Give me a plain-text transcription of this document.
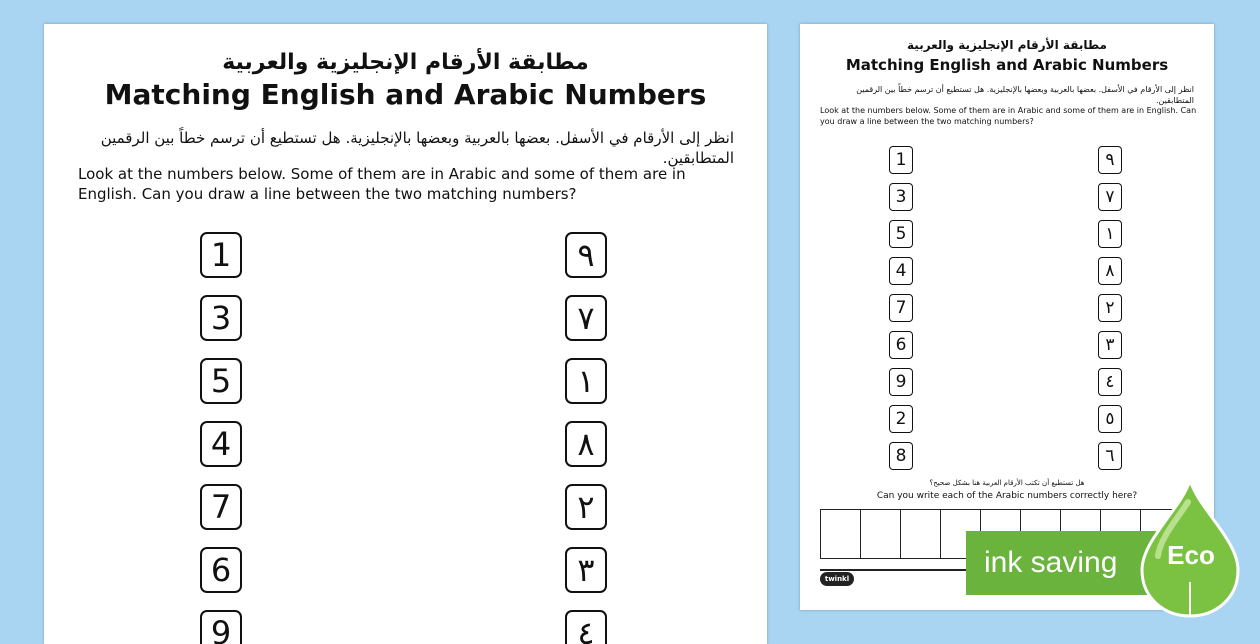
مطابقة الأرقام الإنجليزية والعربية
Matching English and Arabic Numbers
انظر إلى الأرقام في الأسفل. بعضها بالعربية وبعضها بالإنجليزية. هل تستطيع أن ترسم خطاً بين الرقمين المتطابقين.
Look at the numbers below. Some of them are in Arabic and some of them are in English. Can you draw a line between the two matching numbers?
1
3
5
4
7
6
9
٩
٧
١
٨
٢
٣
٤
مطابقة الأرقام الإنجليزية والعربية
Matching English and Arabic Numbers
انظر إلى الأرقام في الأسفل. بعضها بالعربية وبعضها بالإنجليزية. هل تستطيع أن ترسم خطاً بين الرقمين المتطابقين.
Look at the numbers below. Some of them are in Arabic and some of them are in English. Can you draw a line between the two matching numbers?
1
3
5
4
7
6
9
2
8
٩
٧
١
٨
٢
٣
٤
٥
٦
هل تستطيع أن تكتب الأرقام العربية هنا بشكل صحيح؟
Can you write each of the Arabic numbers correctly here?
twinkl	ink saving	Eco
